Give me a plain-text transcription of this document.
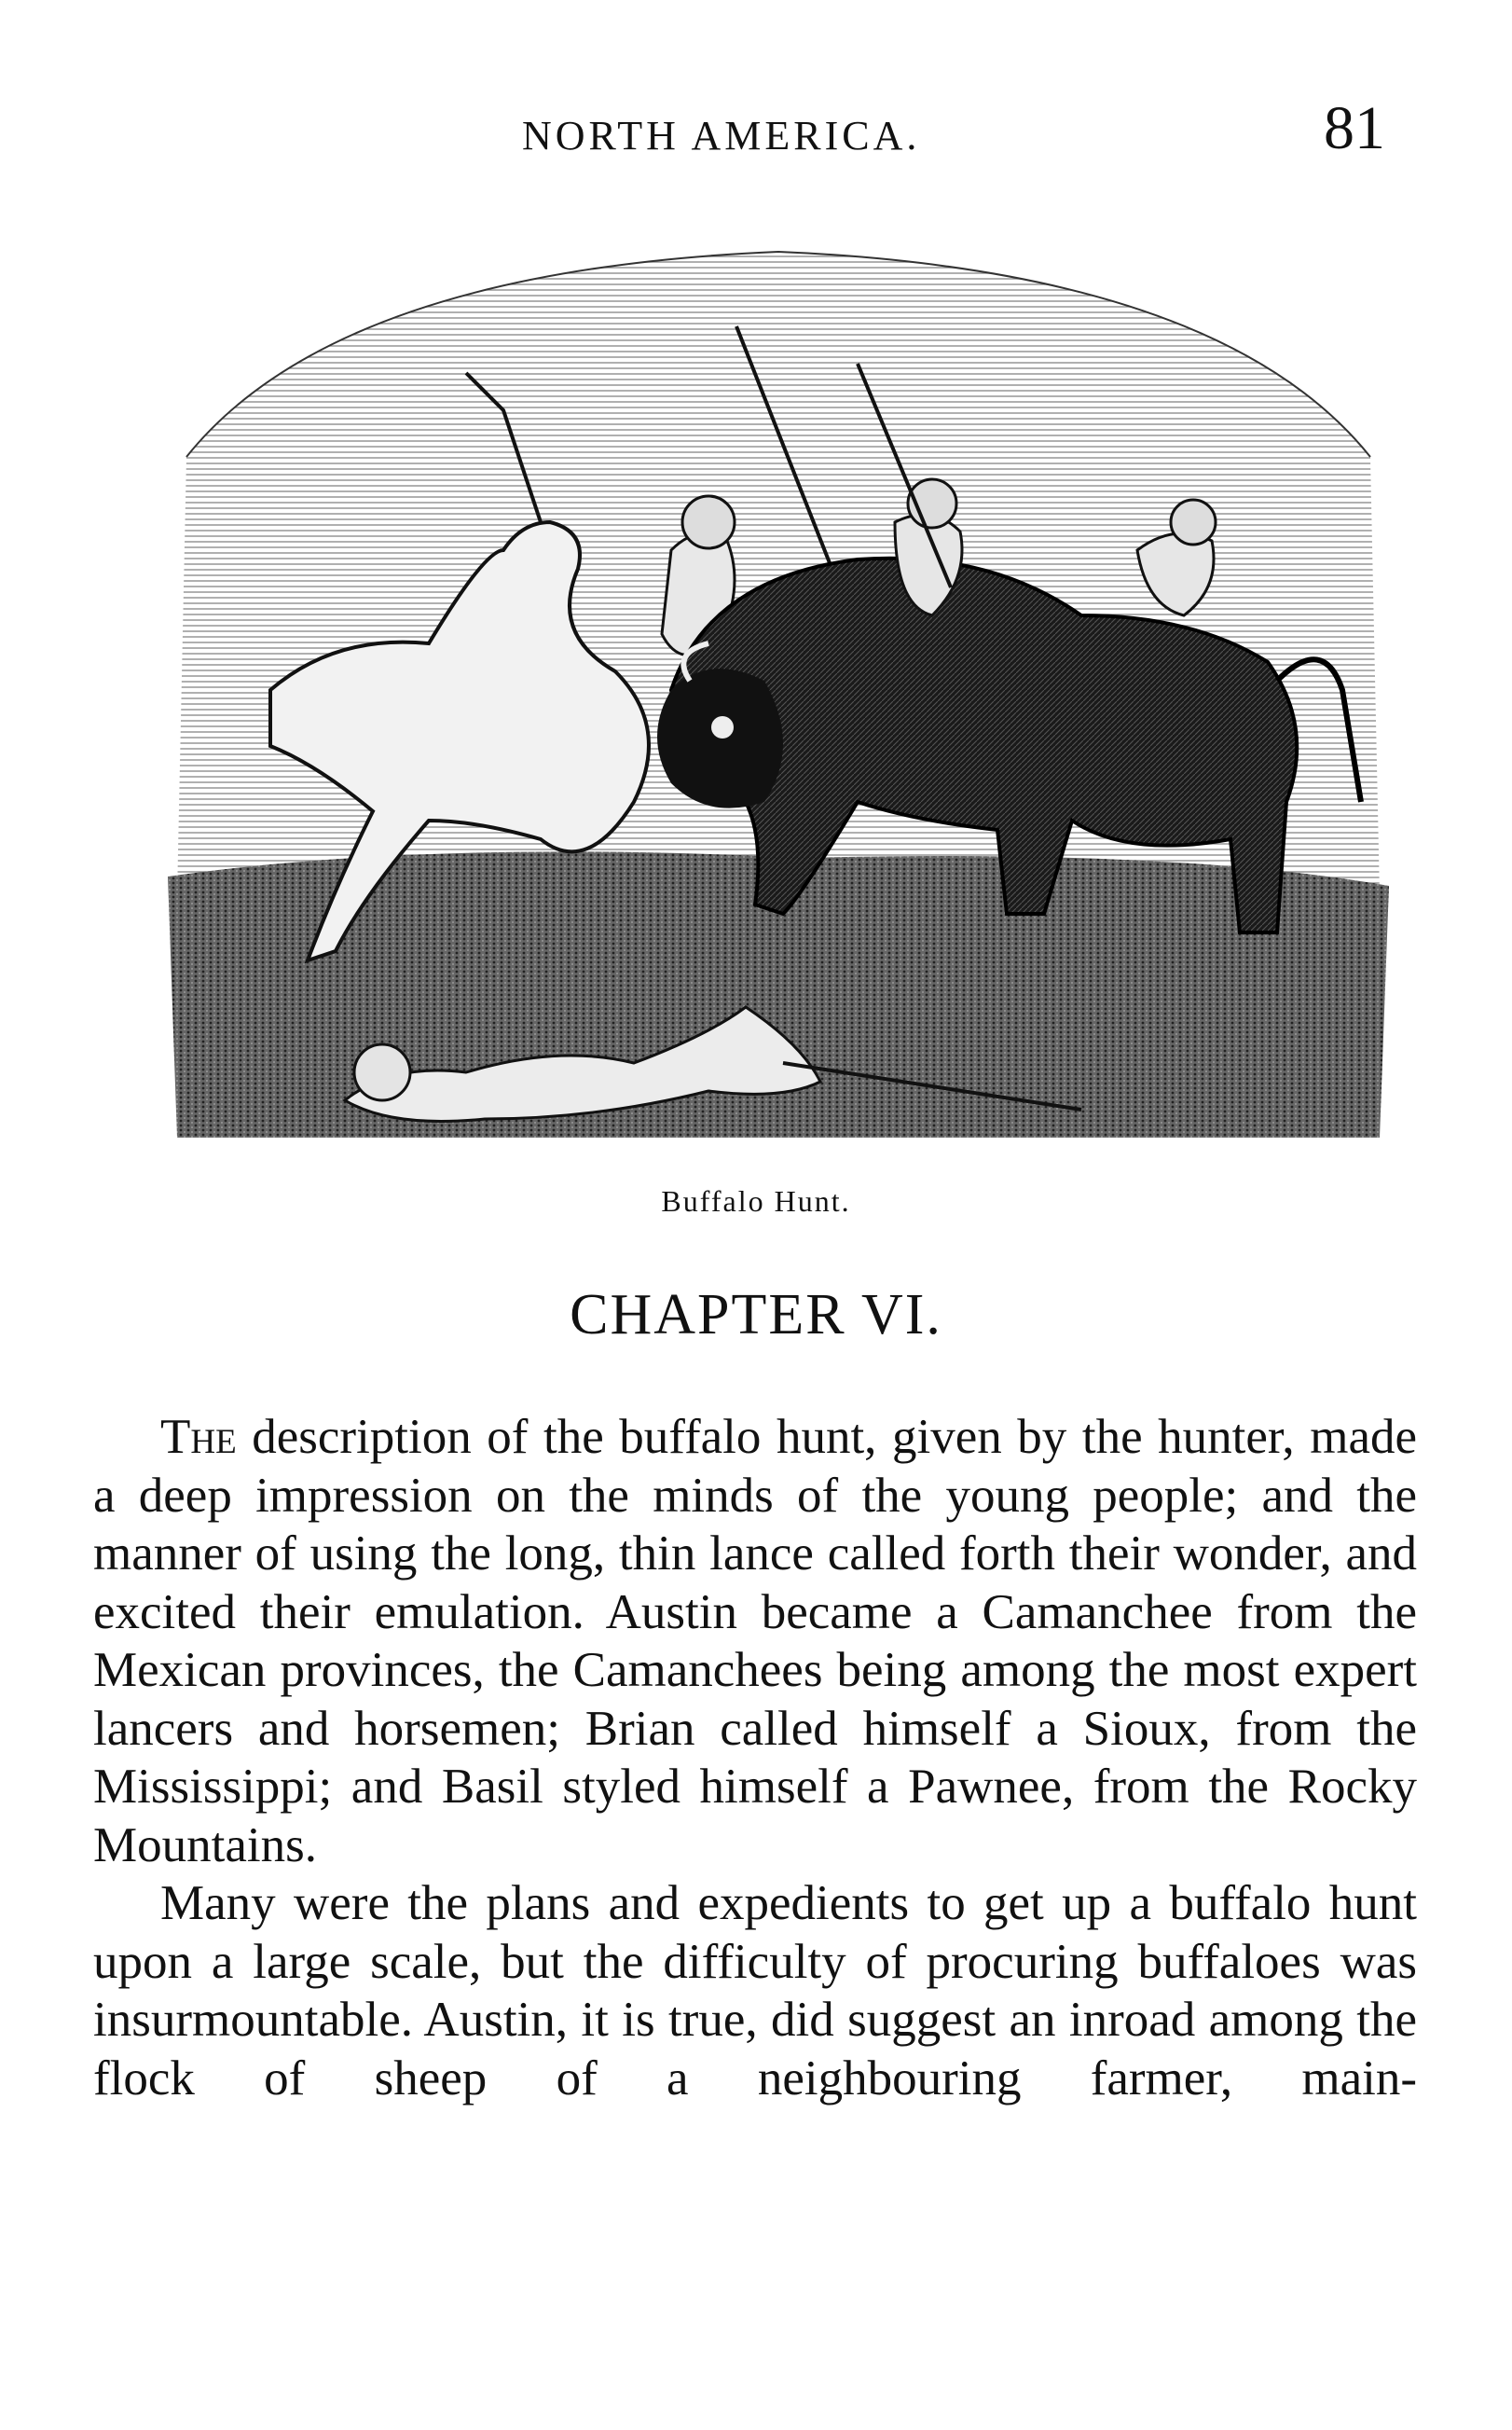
NORTH AMERICA.	81
Buffalo Hunt.
CHAPTER VI.

The description of the buffalo hunt, given by the hunter, made a deep impression on the minds of the young people; and the manner of using the long, thin lance called forth their wonder, and excited their emulation. Austin became a Camanchee from the Mexican provinces, the Camanchees being among the most expert lancers and horsemen; Brian called himself a Sioux, from the Mississippi; and Basil styled himself a Pawnee, from the Rocky Mountains.

Many were the plans and expedients to get up a buffalo hunt upon a large scale, but the difficulty of procuring buffaloes was insurmountable. Austin, it is true, did suggest an inroad among the flock of sheep of a neighbouring farmer, main-
